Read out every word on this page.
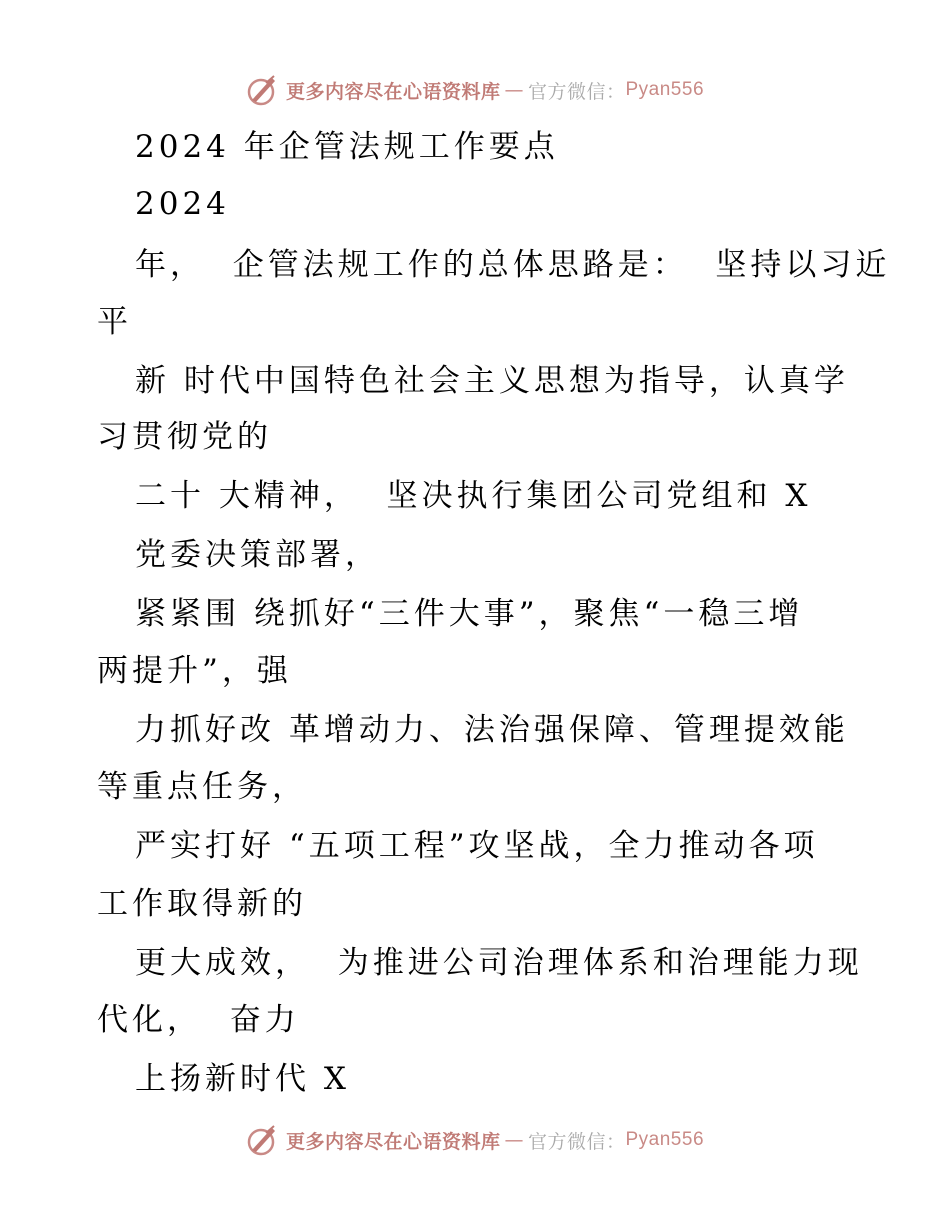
更多内容尽在心语资料库 — 官方微信： Pyan556
2024 年企管法规工作要点
2024
年，  企管法规工作的总体思路是：  坚持以习近
平
新 时代中国特色社会主义思想为指导，认真学
习贯彻党的
二十 大精神，  坚决执行集团公司党组和 X
党委决策部署，
紧紧围 绕抓好“三件大事”，聚焦“一稳三增
两提升”，强
力抓好改 革增动力、法治强保障、管理提效能
等重点任务，
严实打好 “五项工程”攻坚战，全力推动各项
工作取得新的
更大成效，  为推进公司治理体系和治理能力现
代化，  奋力
上扬新时代 X
更多内容尽在心语资料库 — 官方微信： Pyan556
